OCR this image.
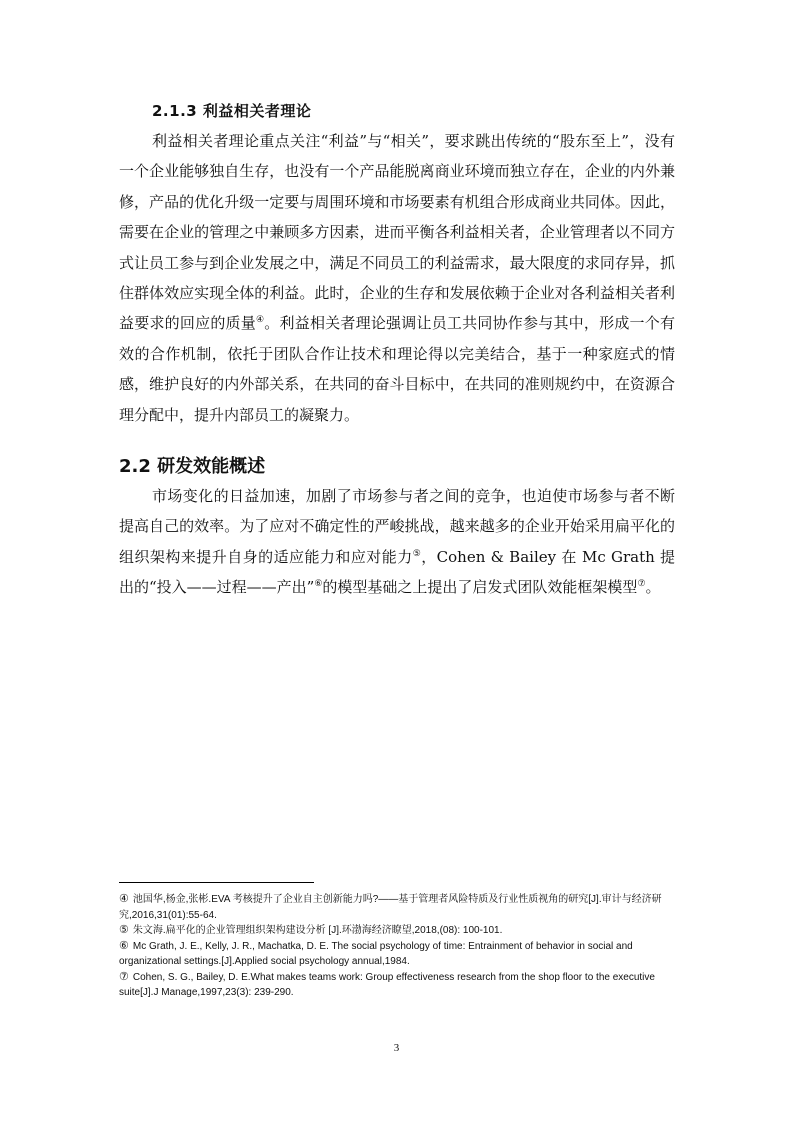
2.1.3 利益相关者理论

利益相关者理论重点关注“利益”与“相关”，要求跳出传统的“股东至上”，没有一个企业能够独自生存，也没有一个产品能脱离商业环境而独立存在，企业的内外兼修，产品的优化升级一定要与周围环境和市场要素有机组合形成商业共同体。因此，需要在企业的管理之中兼顾多方因素，进而平衡各利益相关者，企业管理者以不同方式让员工参与到企业发展之中，满足不同员工的利益需求，最大限度的求同存异，抓住群体效应实现全体的利益。此时，企业的生存和发展依赖于企业对各利益相关者利益要求的回应的质量④。利益相关者理论强调让员工共同协作参与其中，形成一个有效的合作机制，依托于团队合作让技术和理论得以完美结合，基于一种家庭式的情感，维护良好的内外部关系，在共同的奋斗目标中，在共同的准则规约中，在资源合理分配中，提升内部员工的凝聚力。

2.2 研发效能概述

市场变化的日益加速，加剧了市场参与者之间的竞争，也迫使市场参与者不断提高自己的效率。为了应对不确定性的严峻挑战，越来越多的企业开始采用扁平化的组织架构来提升自身的适应能力和应对能力⑤，Cohen & Bailey 在 Mc Grath 提出的“投入——过程——产出”⑥的模型基础之上提出了启发式团队效能框架模型⑦。

④ 池国华,杨金,张彬.EVA 考核提升了企业自主创新能力吗?——基于管理者风险特质及行业性质视角的研究[J].审计与经济研究,2016,31(01):55-64.

⑤ 朱文海.扁平化的企业管理组织架构建设分析 [J].环渤海经济瞭望,2018,(08): 100-101.

⑥ Mc Grath, J. E., Kelly, J. R., Machatka, D. E. The social psychology of time: Entrainment of behavior in social and organizational settings.[J].Applied social psychology annual,1984.

⑦ Cohen, S. G., Bailey, D. E.What makes teams work: Group effectiveness research from the shop floor to the executive suite[J].J Manage,1997,23(3): 239-290.

3
